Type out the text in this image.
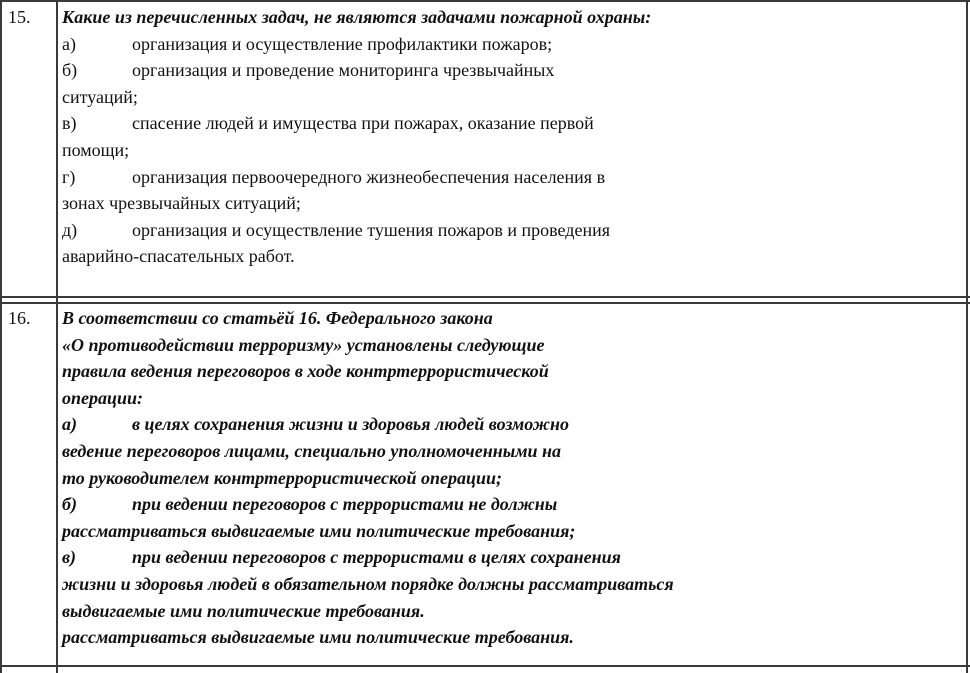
15. Какие из перечисленных задач, не являются задачами пожарной охраны:
а)	организация и осуществление профилактики пожаров;
б)	организация и проведение мониторинга чрезвычайных
ситуаций;
в)	спасение людей и имущества при пожарах, оказание первой
помощи;
г)	организация первоочередного жизнеобеспечения населения в
зонах чрезвычайных ситуаций;
д)	организация и осуществление тушения пожаров и проведения
аварийно-спасательных работ.
16. В соответствии со статьёй 16. Федерального закона
«О противодействии терроризму» установлены следующие
правила ведения переговоров в ходе контртеррористической
операции:
а)	в целях сохранения жизни и здоровья людей возможно
ведение переговоров лицами, специально уполномоченными на
то руководителем контртеррористической операции;
б)	при ведении переговоров с террористами не должны
рассматриваться выдвигаемые ими политические требования;
в)	при ведении переговоров с террористами в целях сохранения
жизни и здоровья людей в обязательном порядке должны рассматриваться
выдвигаемые ими политические требования.
рассматриваться выдвигаемые ими политические требования.
